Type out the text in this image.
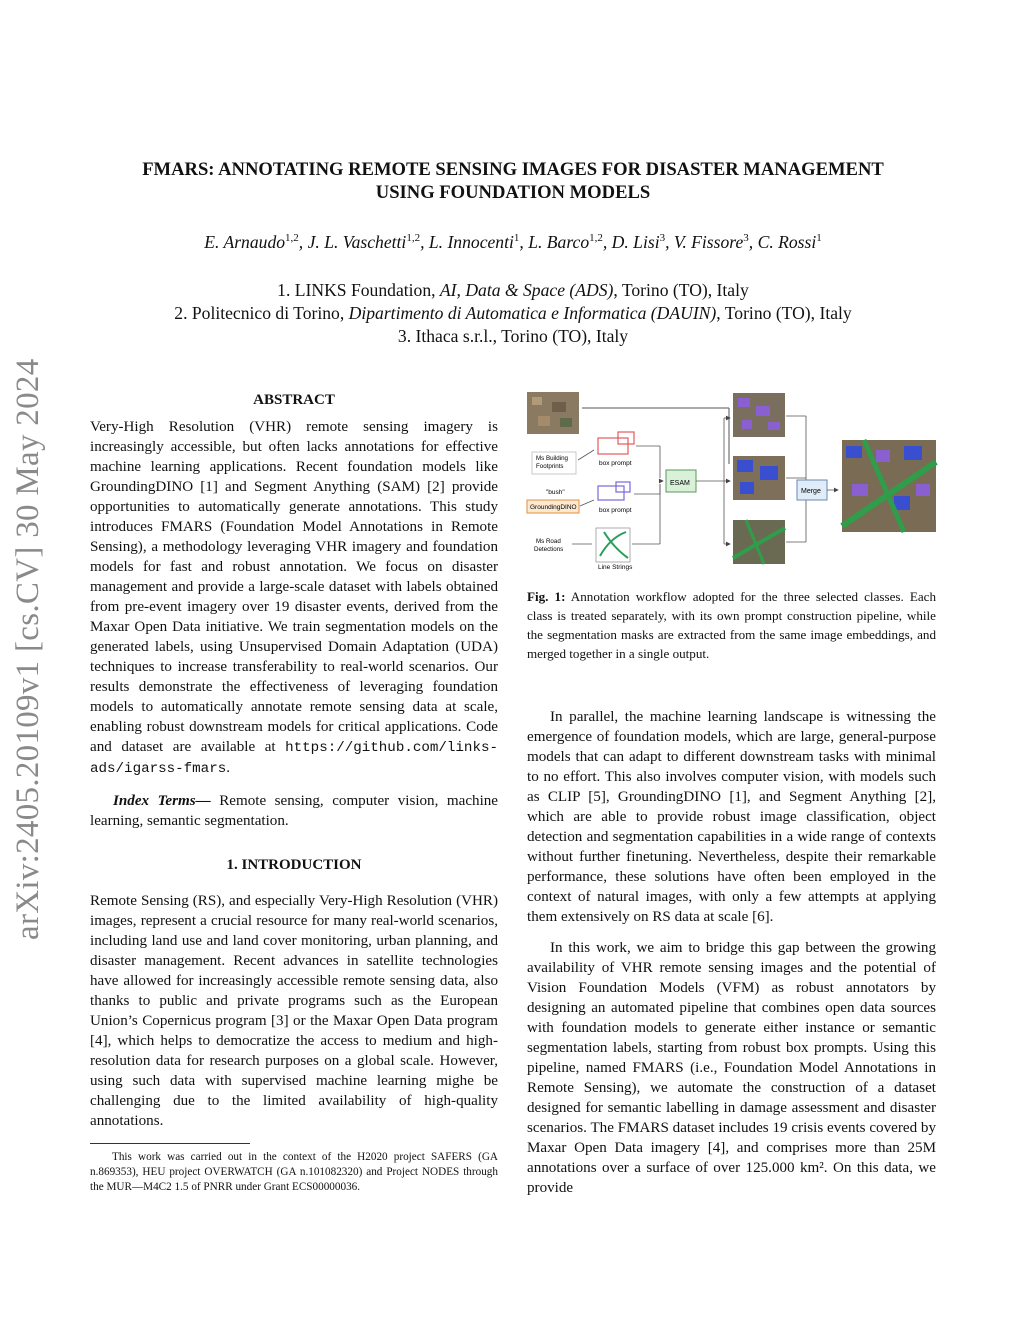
arXiv:2405.20109v1 [cs.CV] 30 May 2024
FMARS: ANNOTATING REMOTE SENSING IMAGES FOR DISASTER MANAGEMENT
USING FOUNDATION MODELS
E. Arnaudo$^{1,2}$, J. L. Vaschetti$^{1,2}$, L. Innocenti$^1$, L. Barco$^{1,2}$, D. Lisi$^3$, V. Fissore$^3$, C. Rossi$^1$
1. LINKS Foundation, AI, Data & Space (ADS), Torino (TO), Italy
2. Politecnico di Torino, Dipartimento di Automatica e Informatica (DAUIN), Torino (TO), Italy
3. Ithaca s.r.l., Torino (TO), Italy
ABSTRACT

Very-High Resolution (VHR) remote sensing imagery is increasingly accessible, but often lacks annotations for effective machine learning applications. Recent foundation models like GroundingDINO [1] and Segment Anything (SAM) [2] provide opportunities to automatically generate annotations. This study introduces FMARS (Foundation Model Annotations in Remote Sensing), a methodology leveraging VHR imagery and foundation models for fast and robust annotation. We focus on disaster management and provide a large-scale dataset with labels obtained from pre-event imagery over 19 disaster events, derived from the Maxar Open Data initiative. We train segmentation models on the generated labels, using Unsupervised Domain Adaptation (UDA) techniques to increase transferability to real-world scenarios. Our results demonstrate the effectiveness of leveraging foundation models to automatically annotate remote sensing data at scale, enabling robust downstream models for critical applications. Code and dataset are available at https://github.com/links-ads/igarss-fmars.

Index Terms— Remote sensing, computer vision, machine learning, semantic segmentation.

1. INTRODUCTION

Remote Sensing (RS), and especially Very-High Resolution (VHR) images, represent a crucial resource for many real-world scenarios, including land use and land cover monitoring, urban planning, and disaster management. Recent advances in satellite technologies have allowed for increasingly accessible remote sensing data, also thanks to public and private programs such as the European Union’s Copernicus program [3] or the Maxar Open Data program [4], which helps to democratize the access to medium and high-resolution data for research purposes on a global scale. However, using such data with supervised machine learning mighe be challenging due to the limited availability of high-quality annotations.

This work was carried out in the context of the H2020 project SAFERS (GA n.869353), HEU project OVERWATCH (GA n.101082320) and Project NODES through the MUR—M4C2 1.5 of PNRR under Grant ECS00000036.

box prompt
Ms Building
Footprints
"bush"
GroundingDINO	box prompt
Ms Road
Detections
Line Strings
ESAM
Merge
Fig. 1: Annotation workflow adopted for the three selected classes. Each class is treated separately, with its own prompt construction pipeline, while the segmentation masks are extracted from the same image embeddings, and merged together in a single output.

In parallel, the machine learning landscape is witnessing the emergence of foundation models, which are large, general-purpose models that can adapt to different downstream tasks with minimal to no effort. This also involves computer vision, with models such as CLIP [5], GroundingDINO [1], and Segment Anything [2], which are able to provide robust image classification, object detection and segmentation capabilities in a wide range of contexts without further finetuning. Nevertheless, despite their remarkable performance, these solutions have often been employed in the context of natural images, with only a few attempts at applying them extensively on RS data at scale [6].

In this work, we aim to bridge this gap between the growing availability of VHR remote sensing images and the potential of Vision Foundation Models (VFM) as robust annotators by designing an automated pipeline that combines open data sources with foundation models to generate either instance or semantic segmentation labels, starting from robust box prompts. Using this pipeline, named FMARS (i.e., Foundation Model Annotations in Remote Sensing), we automate the construction of a dataset designed for semantic labelling in damage assessment and disaster scenarios. The FMARS dataset includes 19 crisis events covered by Maxar Open Data imagery [4], and comprises more than 25M annotations over a surface of over 125.000 km². On this data, we provide
